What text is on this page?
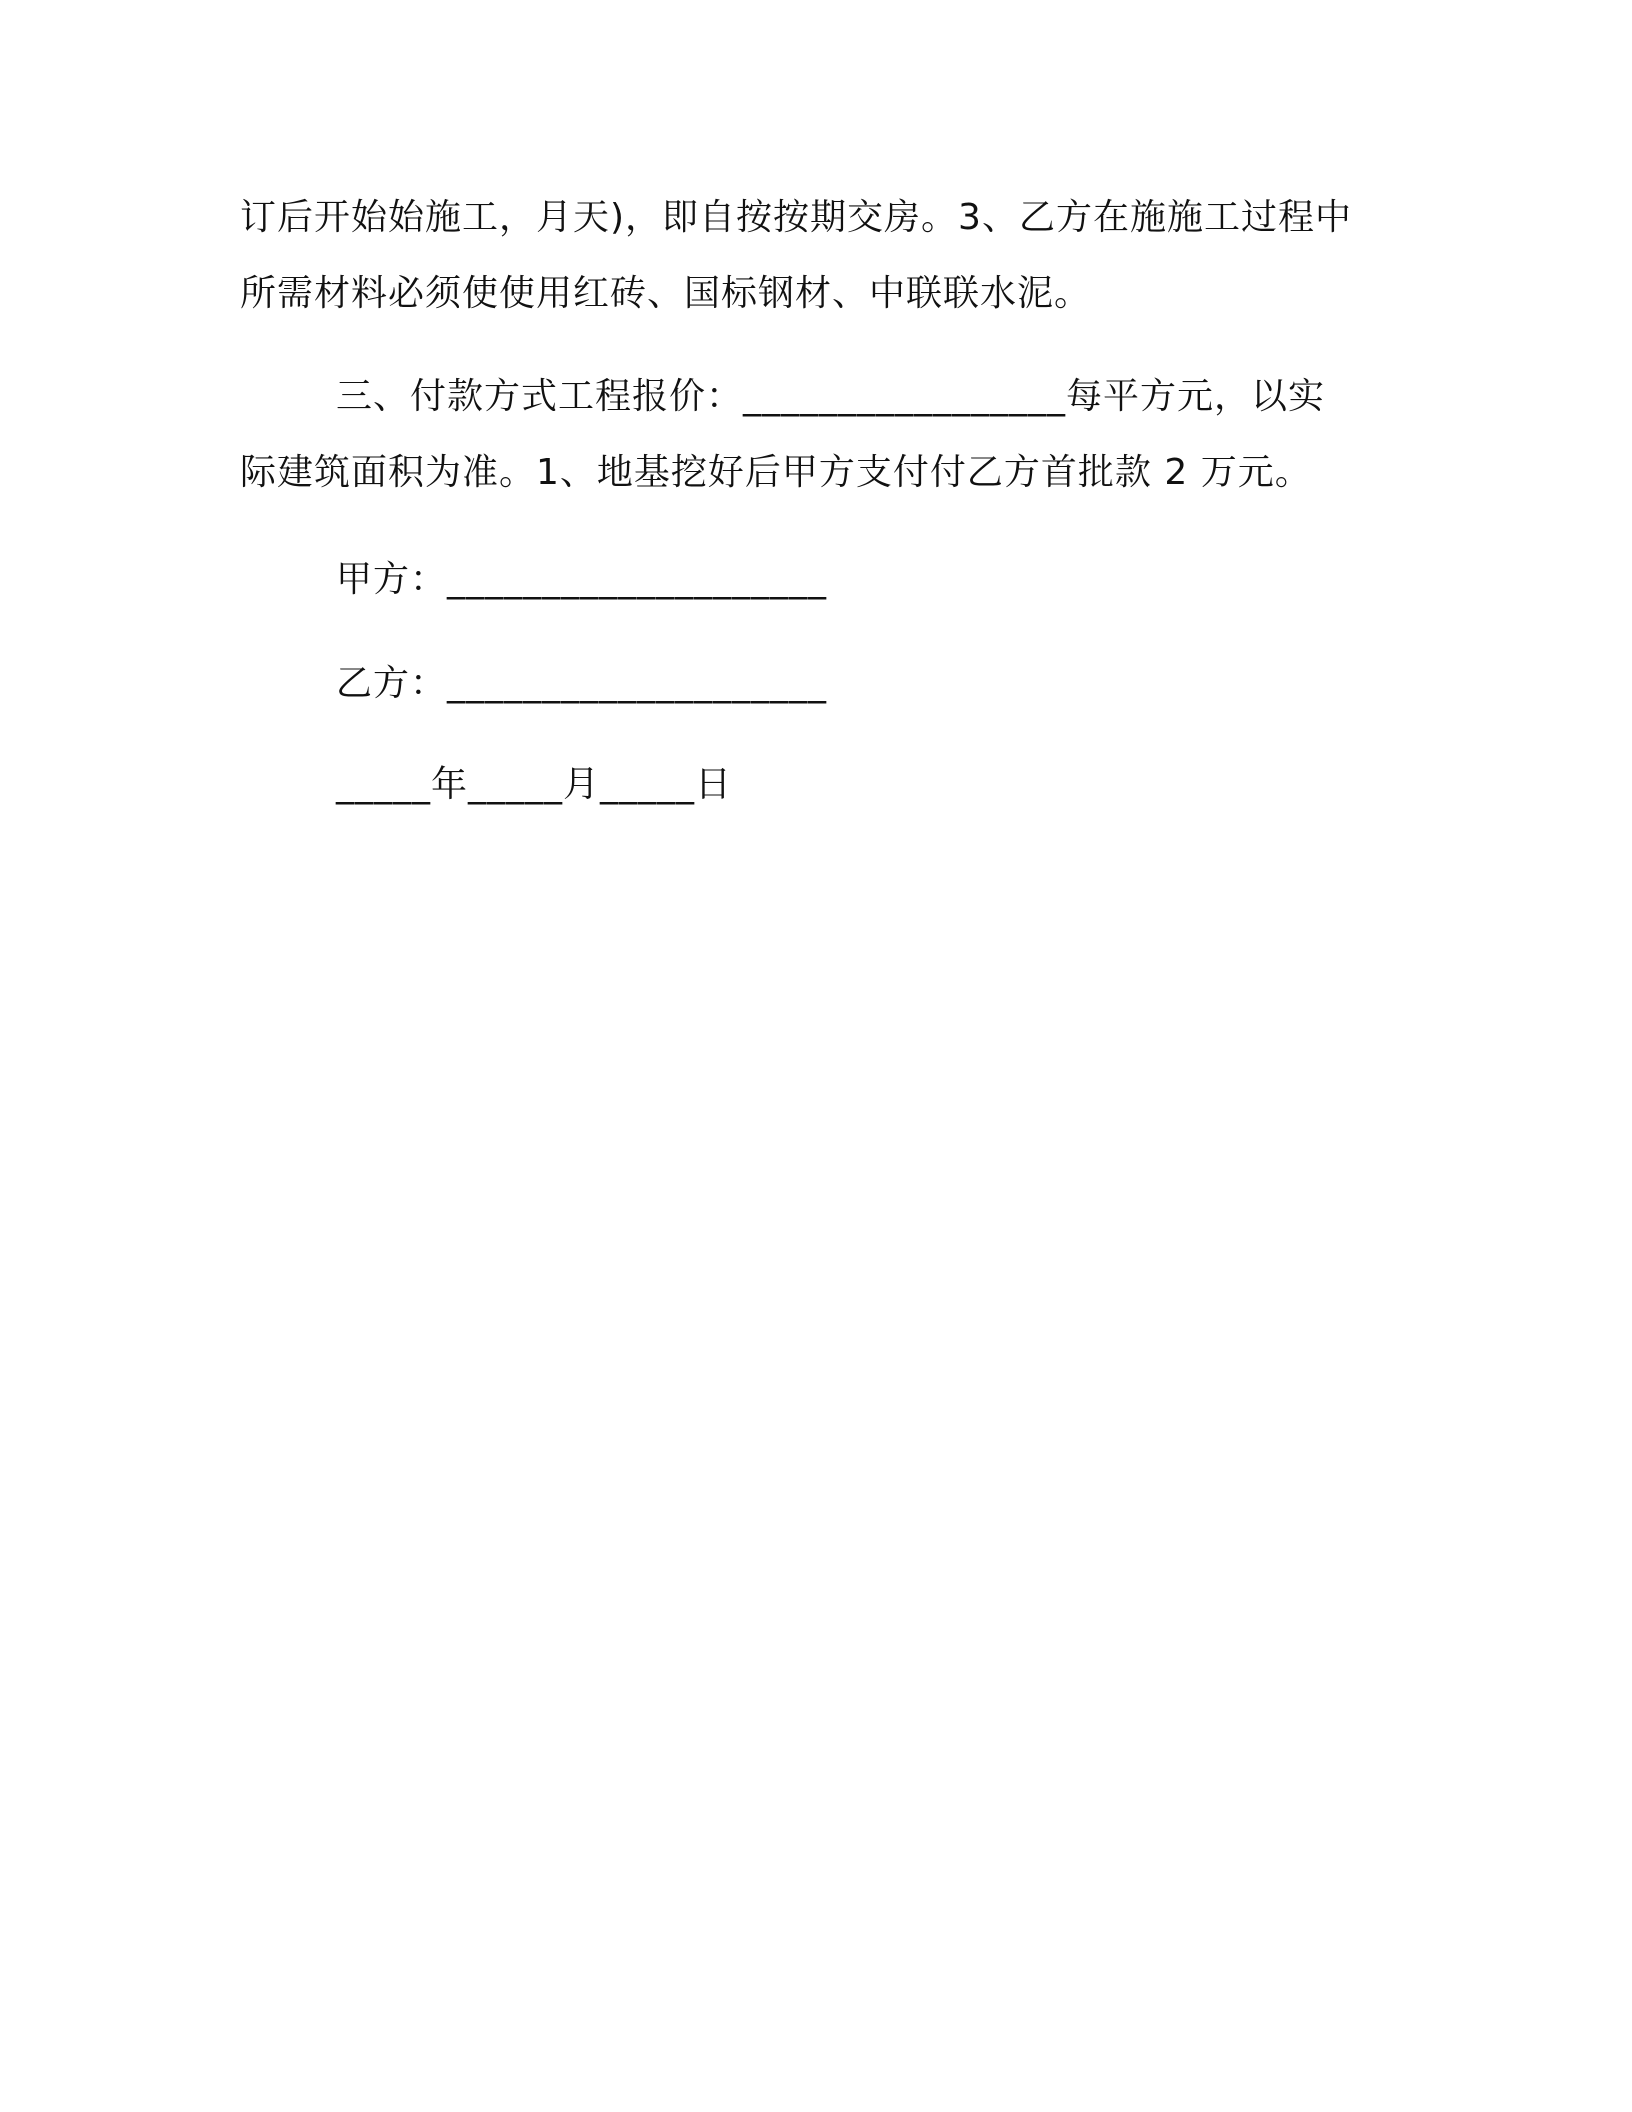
订后开始始施工，月天)，即自按按期交房。3、乙方在施施工过程中
所需材料必须使使用红砖、国标钢材、中联联水泥。
三、付款方式工程报价：_________________每平方元，以实
际建筑面积为准。1、地基挖好后甲方支付付乙方首批款 2 万元。
甲方：____________________
乙方：____________________
_____年_____月_____日
